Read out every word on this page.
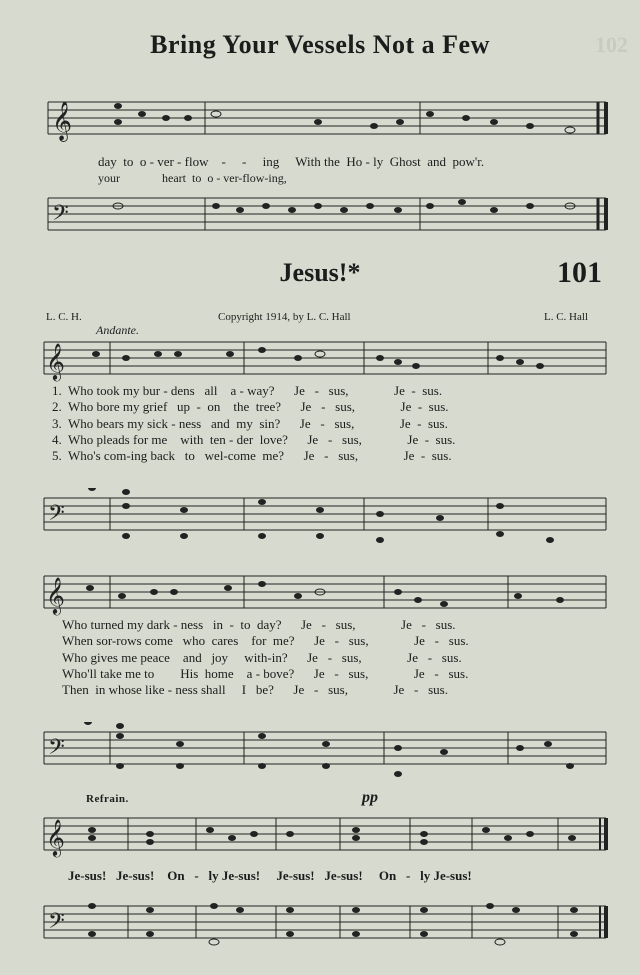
Bring Your Vessels Not a Few	102
𝄞
day  to  o - ver - flow    -     -     ing     With the  Ho - ly  Ghost  and  pow'r.
your              heart  to  o - ver-flow-ing,
𝄢
Jesus!*	101
L. C. H.	Copyright 1914, by L. C. Hall	L. C. Hall
Andante.
𝄞
1.  Who took my bur - dens   all    a - way?      Je   -   sus,              Je  -  sus.
2.  Who bore my grief   up  -  on    the  tree?      Je   -   sus,              Je  -  sus.
3.  Who bears my sick - ness   and  my  sin?      Je   -   sus,              Je  -  sus.
4.  Who pleads for me    with  ten - der  love?      Je   -   sus,              Je  -  sus.
5.  Who's com-ing back   to   wel-come  me?      Je   -   sus,              Je  -  sus.
𝄢
𝄞
Who turned my dark - ness   in  -  to  day?      Je   -   sus,              Je   -   sus.
When sor-rows come   who  cares    for  me?      Je   -   sus,              Je   -   sus.
Who gives me peace    and   joy     with-in?      Je   -   sus,              Je   -   sus.
Who'll take me to        His  home    a - bove?      Je   -   sus,              Je   -   sus.
Then  in whose like - ness shall     I   be?      Je   -   sus,              Je   -   sus.
𝄢
Refrain.	pp
𝄞
Je-sus!   Je-sus!    On   -   ly Je-sus!     Je-sus!   Je-sus!     On   -   ly Je-sus!
𝄢
